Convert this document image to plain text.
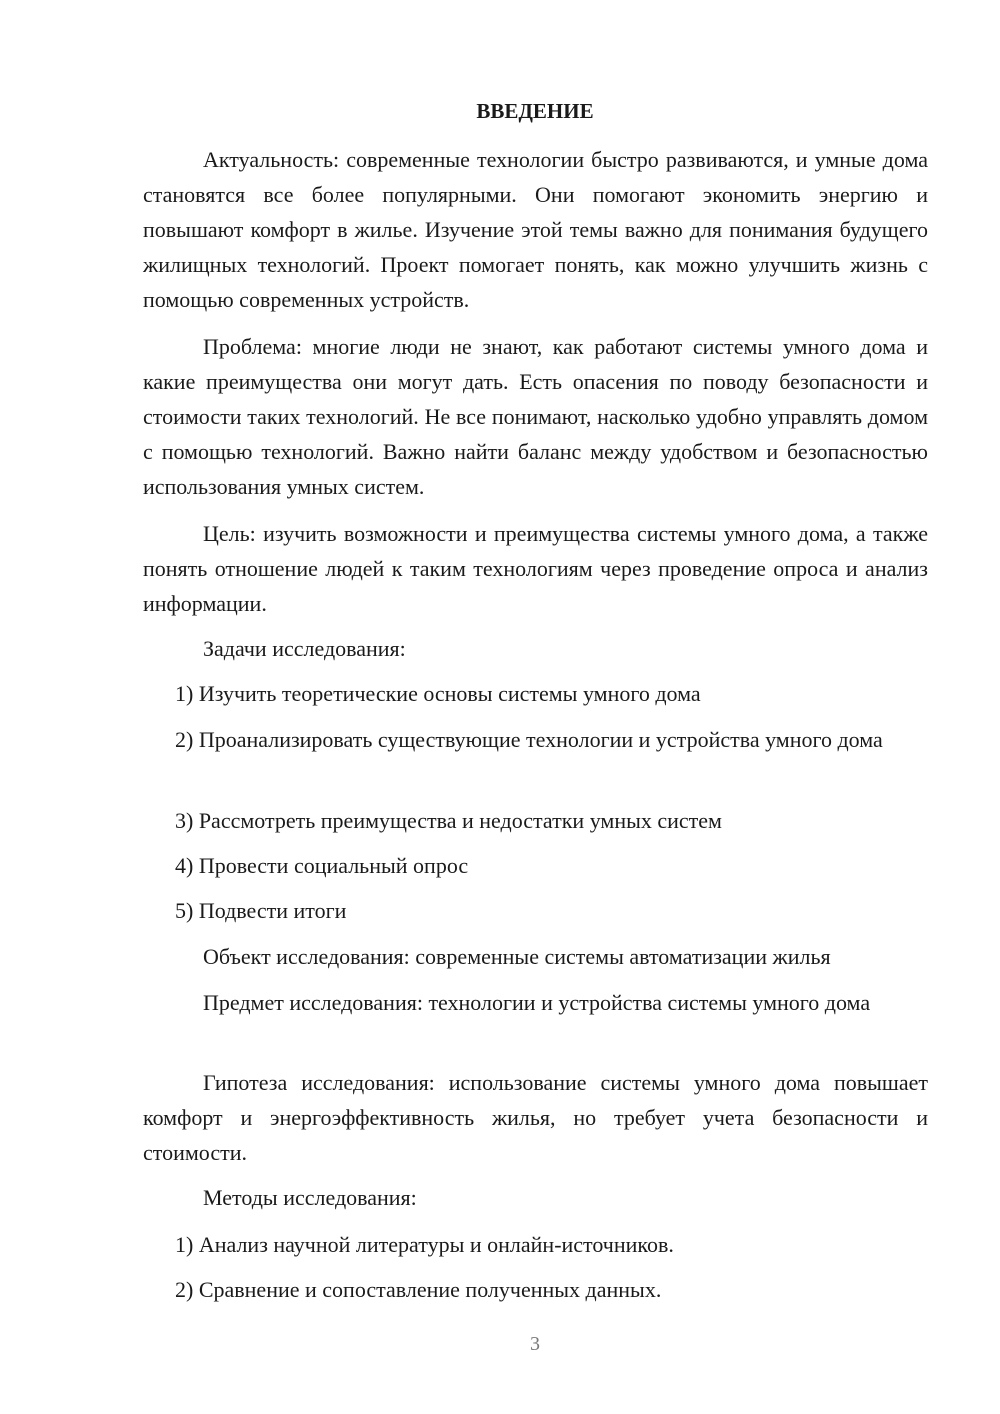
ВВЕДЕНИЕ

Актуальность: современные технологии быстро развиваются, и умные дома становятся все более популярными. Они помогают экономить энергию и повышают комфорт в жилье. Изучение этой темы важно для понимания будущего жилищных технологий. Проект помогает понять, как можно улучшить жизнь с помощью современных устройств.

Проблема: многие люди не знают, как работают системы умного дома и какие преимущества они могут дать. Есть опасения по поводу безопасности и стоимости таких технологий. Не все понимают, насколько удобно управлять домом с помощью технологий. Важно найти баланс между удобством и безопасностью использования умных систем.

Цель: изучить возможности и преимущества системы умного дома, а также понять отношение людей к таким технологиям через проведение опроса и анализ информации.

Задачи исследования:

1) Изучить теоретические основы системы умного дома

2) Проанализировать существующие технологии и устройства умного дома

3) Рассмотреть преимущества и недостатки умных систем

4) Провести социальный опрос

5) Подвести итоги

Объект исследования: современные системы автоматизации жилья

Предмет исследования: технологии и устройства системы умного дома

Гипотеза исследования: использование системы умного дома повышает комфорт и энергоэффективность жилья, но требует учета безопасности и стоимости.

Методы исследования:

1) Анализ научной литературы и онлайн-источников.

2) Сравнение и сопоставление полученных данных.

3
